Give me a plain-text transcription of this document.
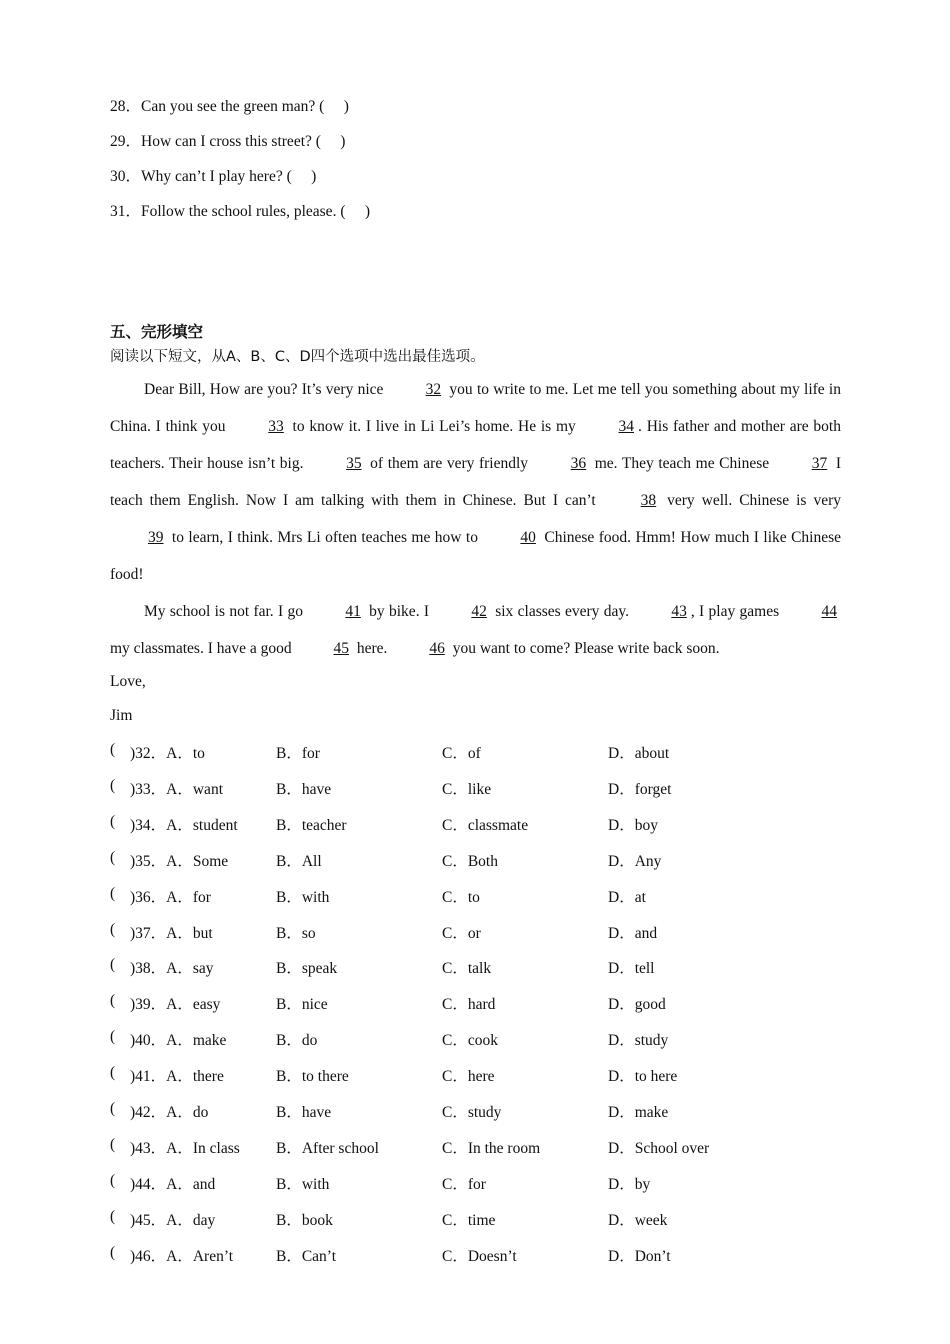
28．Can you see the green man? (  )
29．How can I cross this street? (  )
30．Why can’t I play here? (  )
31．Follow the school rules, please. (  )
五、完形填空
阅读以下短文，从A、B、C、D四个选项中选出最佳选项。

Dear Bill, How are you? It’s very nice 32 you to write to me. Let me tell you something about my life in China. I think you 33 to know it. I live in Li Lei’s home. He is my 34 . His father and mother are both teachers. Their house isn’t big. 35 of them are very friendly 36 me. They teach me Chinese 37 I teach them English. Now I am talking with them in Chinese. But I can’t 38 very well. Chinese is very 39 to learn, I think. Mrs Li often teaches me how to 40 Chinese food. Hmm! How much I like Chinese food!

My school is not far. I go 41 by bike. I 42 six classes every day. 43 , I play games 44 my classmates. I have a good 45 here. 46 you want to come? Please write back soon.

Love,
Jim
( )32．A．to	B．for	C．of	D．about
( )33．A．want	B．have	C．like	D．forget
( )34．A．student B．teacher	C．classmate	D．boy
( )35．A．Some	B．All	C．Both	D．Any
( )36．A．for	B．with	C．to	D．at
( )37．A．but	B．so	C．or	D．and
( )38．A．say	B．speak	C．talk	D．tell
( )39．A．easy	B．nice	C．hard	D．good
( )40．A．make	B．do	C．cook	D．study
( )41．A．there	B．to there	C．here	D．to here
( )42．A．do	B．have	C．study	D．make
( )43．A．In class B．After school	C．In the room	D．School over
( )44．A．and	B．with	C．for	D．by
( )45．A．day	B．book	C．time	D．week
( )46．A．Aren’t	B．Can’t	C．Doesn’t	D．Don’t
